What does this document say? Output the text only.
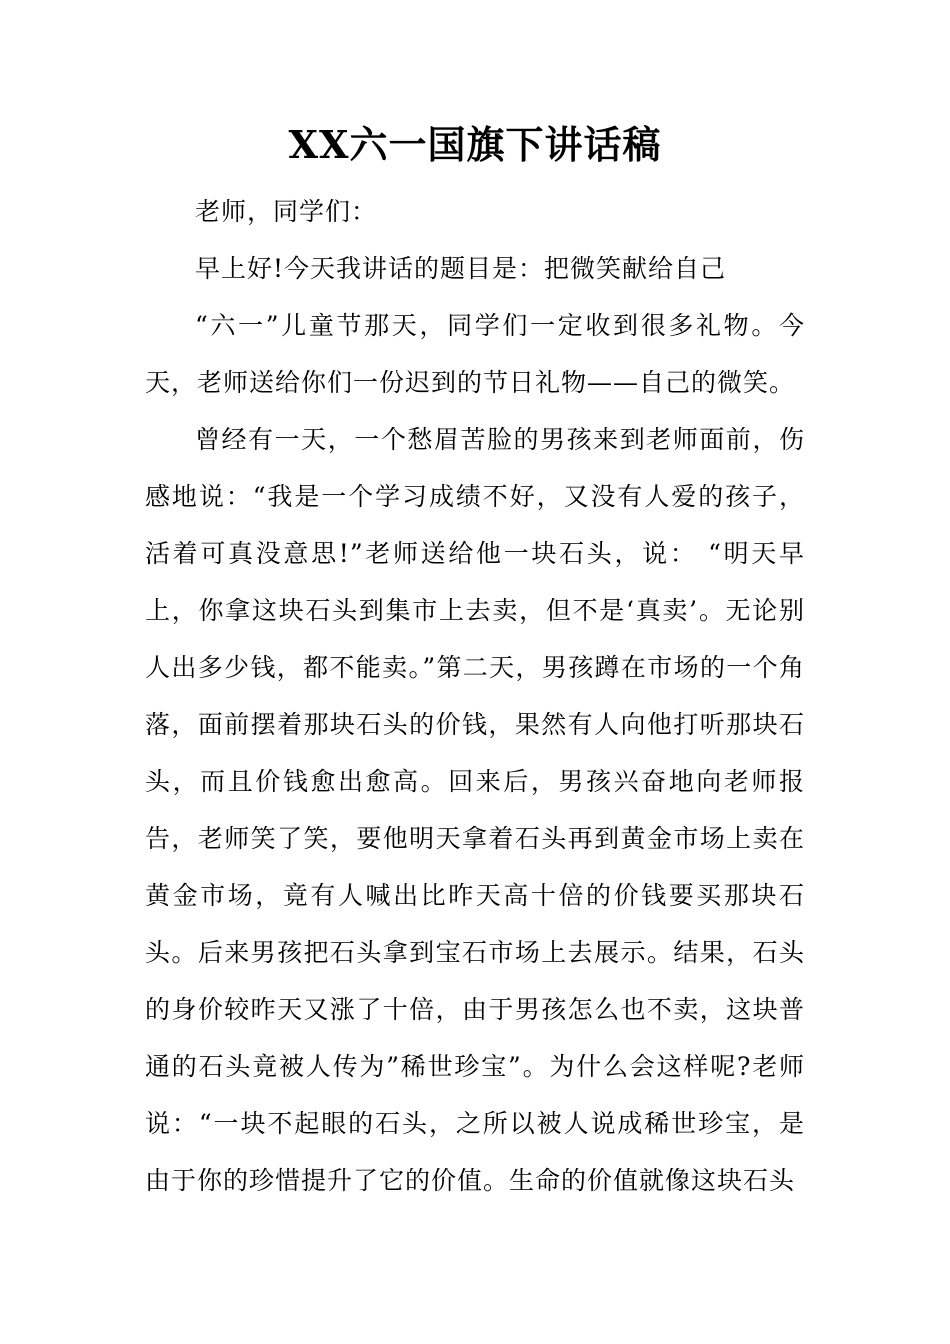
XX六一国旗下讲话稿

老师，同学们：

早上好!今天我讲话的题目是：把微笑献给自己

“六一”儿童节那天，同学们一定收到很多礼物。今天，老师送给你们一份迟到的节日礼物——自己的微笑。

曾经有一天，一个愁眉苦脸的男孩来到老师面前，伤感地说：“我是一个学习成绩不好，又没有人爱的孩子，活着可真没意思!”老师送给他一块石头，说： “明天早上，你拿这块石头到集市上去卖，但不是‘真卖’。无论别人出多少钱，都不能卖。”第二天，男孩蹲在市场的一个角落，面前摆着那块石头的价钱，果然有人向他打听那块石头，而且价钱愈出愈高。回来后，男孩兴奋地向老师报告，老师笑了笑，要他明天拿着石头再到黄金市场上卖在黄金市场，竟有人喊出比昨天高十倍的价钱要买那块石头。后来男孩把石头拿到宝石市场上去展示。结果，石头的身价较昨天又涨了十倍，由于男孩怎么也不卖，这块普通的石头竟被人传为”稀世珍宝”。为什么会这样呢?老师说：“一块不起眼的石头，之所以被人说成稀世珍宝，是由于你的珍惜提升了它的价值。生命的价值就像这块石头
